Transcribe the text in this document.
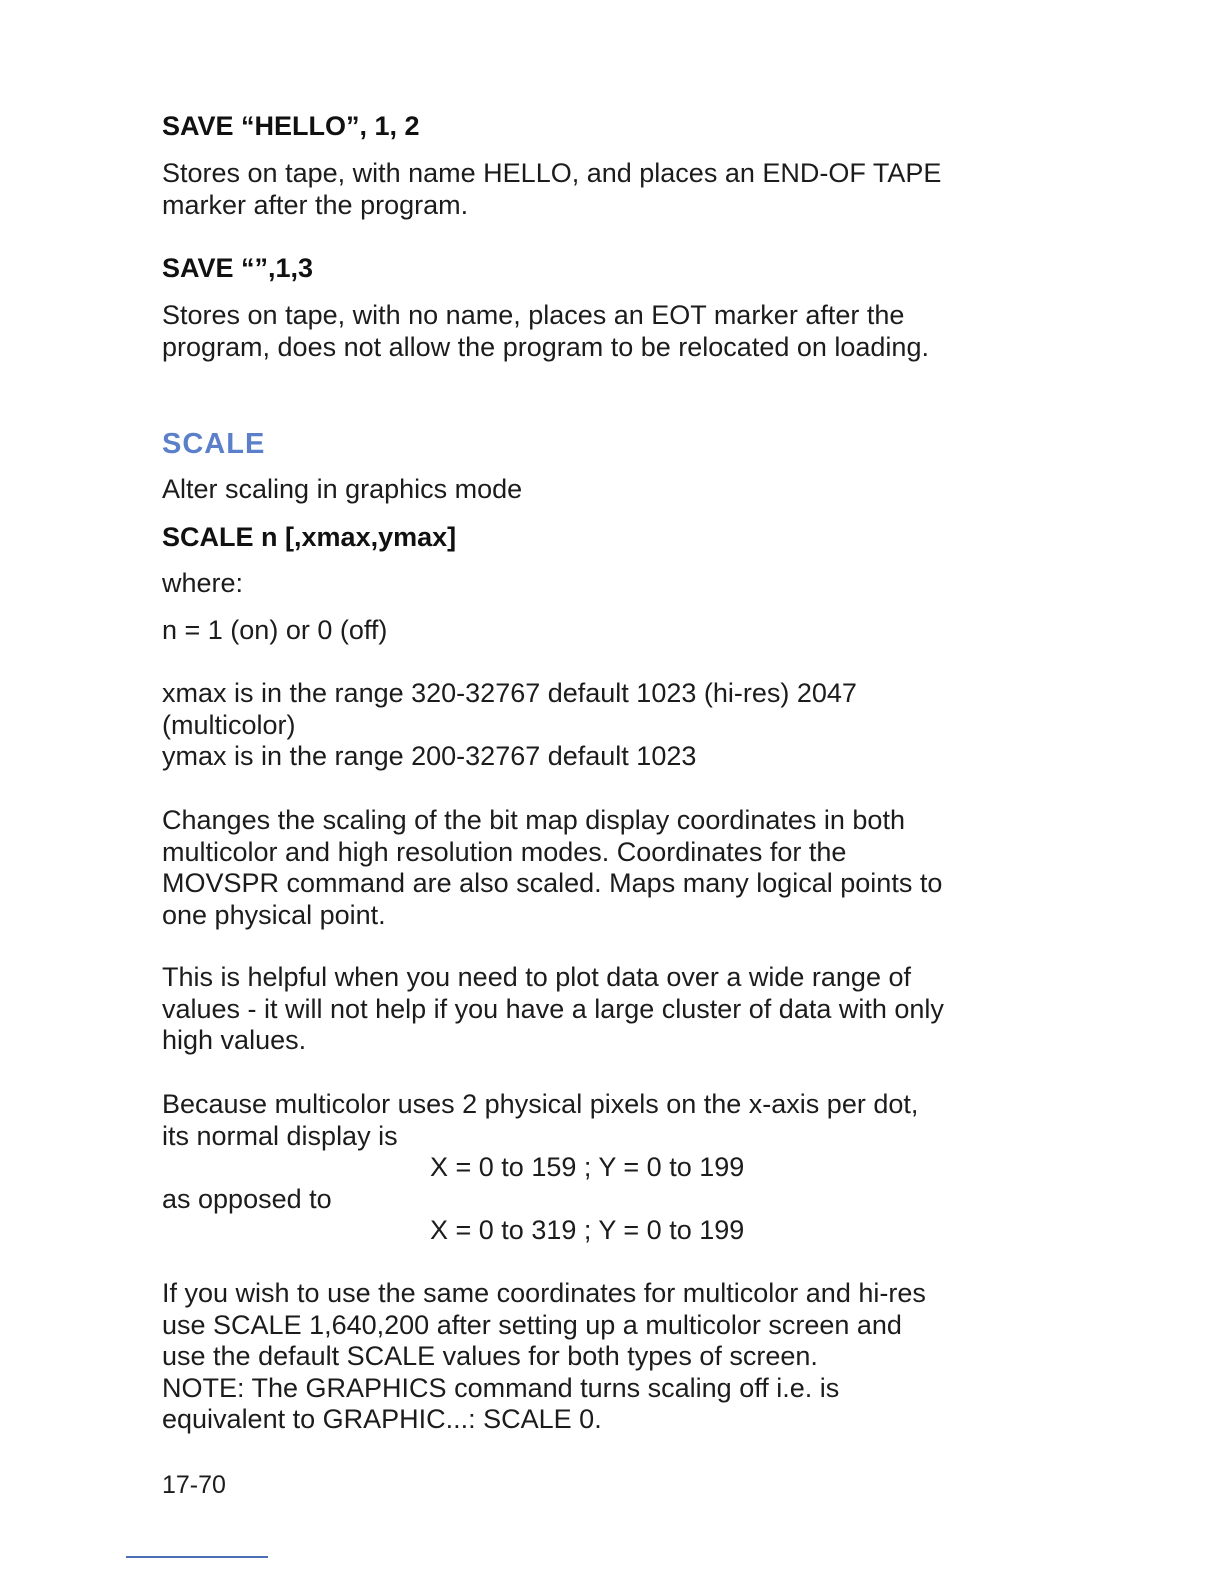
SAVE “HELLO”, 1, 2
Stores on tape, with name HELLO, and places an END-OF TAPE
marker after the program.
SAVE “”,1,3
Stores on tape, with no name, places an EOT marker after the
program, does not allow the program to be relocated on loading.
SCALE
Alter scaling in graphics mode
SCALE n [,xmax,ymax]
where:
n = 1 (on) or 0 (off)
xmax is in the range 320-32767 default 1023 (hi-res) 2047
(multicolor)
ymax is in the range 200-32767 default 1023
Changes the scaling of the bit map display coordinates in both
multicolor and high resolution modes. Coordinates for the
MOVSPR command are also scaled. Maps many logical points to
one physical point.
This is helpful when you need to plot data over a wide range of
values - it will not help if you have a large cluster of data with only
high values.
Because multicolor uses 2 physical pixels on the x-axis per dot,
its normal display is
X = 0 to 159 ; Y = 0 to 199
as opposed to
X = 0 to 319 ; Y = 0 to 199
If you wish to use the same coordinates for multicolor and hi-res
use SCALE 1,640,200 after setting up a multicolor screen and
use the default SCALE values for both types of screen.
NOTE: The GRAPHICS command turns scaling off i.e. is
equivalent to GRAPHIC...: SCALE 0.
17-70
